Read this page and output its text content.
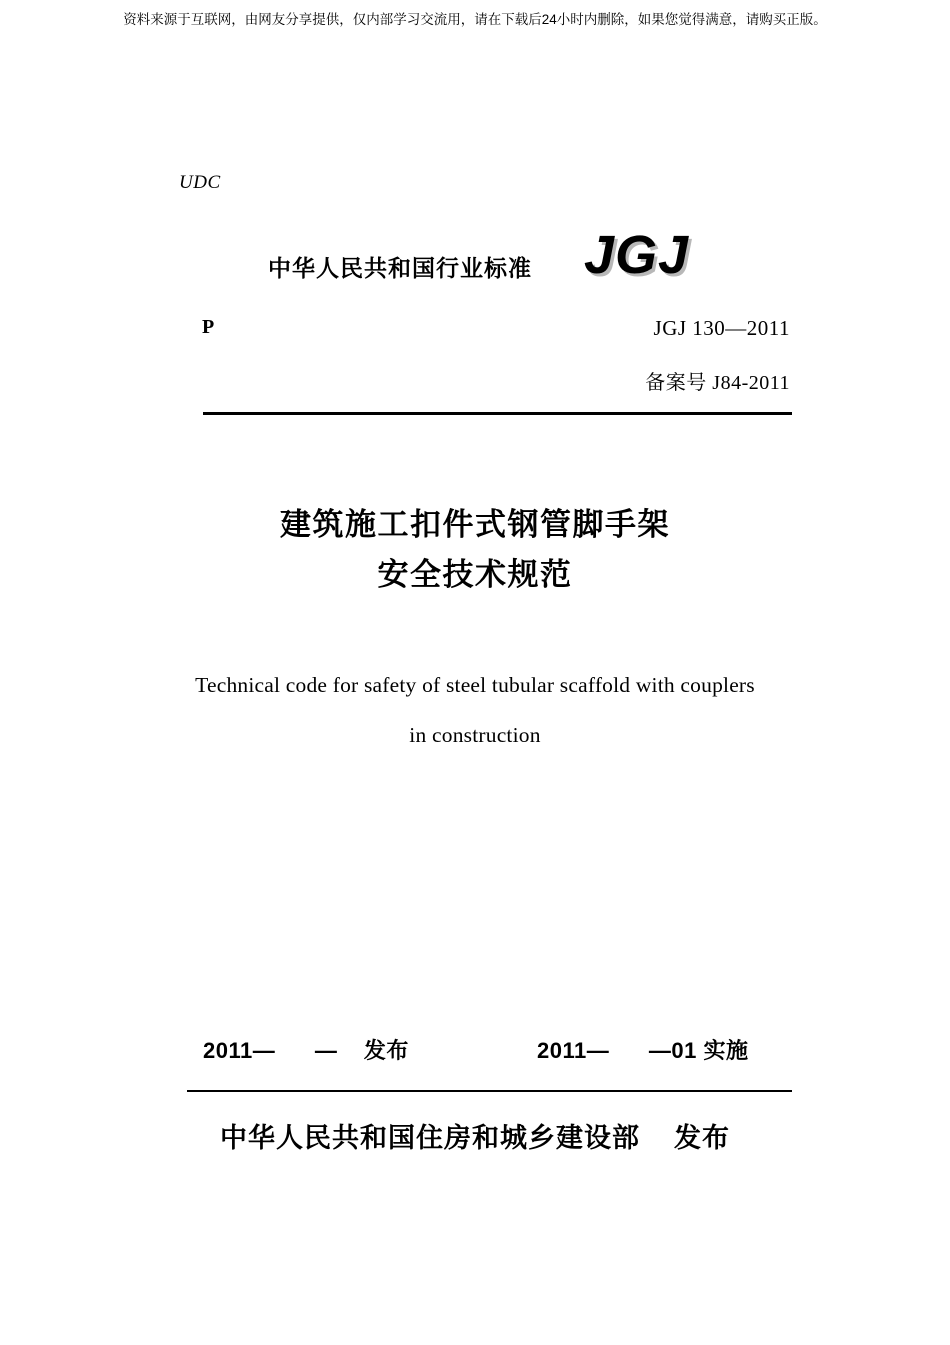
资料来源于互联网，由网友分享提供，仅内部学习交流用，请在下载后24小时内删除，如果您觉得满意，请购买正版。
UDC
中华人民共和国行业标准 JGJ
P	JGJ 130—2011
备案号 J84-2011
建筑施工扣件式钢管脚手架
安全技术规范
Technical code for safety of steel tubular scaffold with couplers
in construction
2011—      —    发布	2011—      —01 实施
中华人民共和国住房和城乡建设部    发布
